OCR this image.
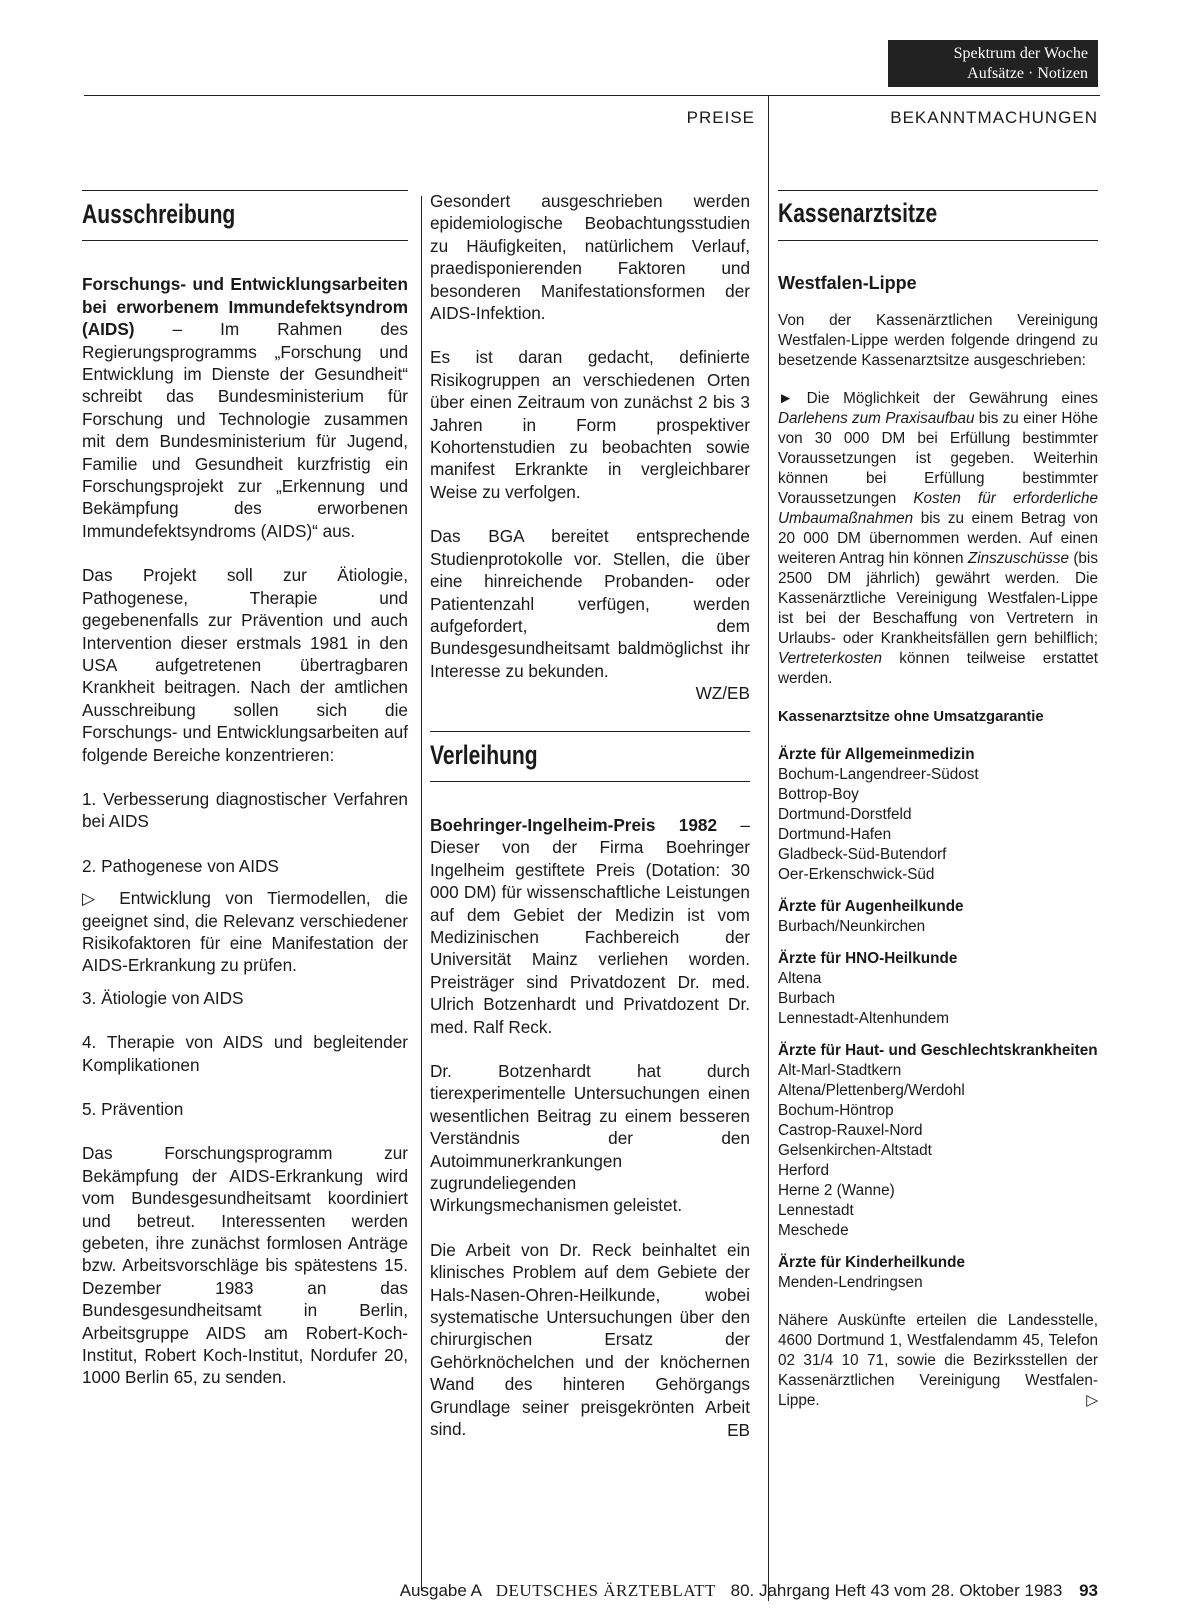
Spektrum der Woche
Aufsätze · Notizen
PREISE	BEKANNTMACHUNGEN
Ausschreibung

Forschungs- und Entwicklungsarbeiten bei erworbenem Immundefektsyndrom (AIDS) – Im Rahmen des Regierungsprogramms „Forschung und Entwicklung im Dienste der Gesundheit“ schreibt das Bundesministerium für Forschung und Technologie zusammen mit dem Bundesministerium für Jugend, Familie und Gesundheit kurzfristig ein Forschungsprojekt zur „Erkennung und Bekämpfung des erworbenen Immundefektsyndroms (AIDS)“ aus.

Das Projekt soll zur Ätiologie, Pathogenese, Therapie und gegebenenfalls zur Prävention und auch Intervention dieser erstmals 1981 in den USA aufgetretenen übertragbaren Krankheit beitragen. Nach der amtlichen Ausschreibung sollen sich die Forschungs- und Entwicklungsarbeiten auf folgende Bereiche konzentrieren:

1. Verbesserung diagnostischer Verfahren bei AIDS

2. Pathogenese von AIDS

▷ Entwicklung von Tiermodellen, die geeignet sind, die Relevanz verschiedener Risikofaktoren für eine Manifestation der AIDS-Erkrankung zu prüfen.

3. Ätiologie von AIDS

4. Therapie von AIDS und begleitender Komplikationen

5. Prävention

Das Forschungsprogramm zur Bekämpfung der AIDS-Erkrankung wird vom Bundesgesundheitsamt koordiniert und betreut. Interessenten werden gebeten, ihre zunächst formlosen Anträge bzw. Arbeitsvorschläge bis spätestens 15. Dezember 1983 an das Bundesgesundheitsamt in Berlin, Arbeitsgruppe AIDS am Robert-Koch-Institut, Robert Koch-Institut, Nordufer 20, 1000 Berlin 65, zu senden.

Gesondert ausgeschrieben werden epidemiologische Beobachtungsstudien zu Häufigkeiten, natürlichem Verlauf, praedisponierenden Faktoren und besonderen Manifestationsformen der AIDS-Infektion.

Es ist daran gedacht, definierte Risikogruppen an verschiedenen Orten über einen Zeitraum von zunächst 2 bis 3 Jahren in Form prospektiver Kohortenstudien zu beobachten sowie manifest Erkrankte in vergleichbarer Weise zu verfolgen.

Das BGA bereitet entsprechende Studienprotokolle vor. Stellen, die über eine hinreichende Probanden- oder Patientenzahl verfügen, werden aufgefordert, dem Bundesgesundheitsamt baldmöglichst ihr Interesse zu bekunden.

WZ/EB
Verleihung

Boehringer-Ingelheim-Preis 1982 – Dieser von der Firma Boehringer Ingelheim gestiftete Preis (Dotation: 30 000 DM) für wissenschaftliche Leistungen auf dem Gebiet der Medizin ist vom Medizinischen Fachbereich der Universität Mainz verliehen worden. Preisträger sind Privatdozent Dr. med. Ulrich Botzenhardt und Privatdozent Dr. med. Ralf Reck.

Dr. Botzenhardt hat durch tierexperimentelle Untersuchungen einen wesentlichen Beitrag zu einem besseren Verständnis der den Autoimmunerkrankungen zugrundeliegenden Wirkungsmechanismen geleistet.

Die Arbeit von Dr. Reck beinhaltet ein klinisches Problem auf dem Gebiete der Hals-Nasen-Ohren-Heilkunde, wobei systematische Untersuchungen über den chirurgischen Ersatz der Gehörknöchelchen und der knöchernen Wand des hinteren Gehörgangs Grundlage seiner preisgekrönten Arbeit sind.	EB
Kassenarztsitze
Westfalen-Lippe

Von der Kassenärztlichen Vereinigung Westfalen-Lippe werden folgende dringend zu besetzende Kassenarztsitze ausgeschrieben:

► Die Möglichkeit der Gewährung eines Darlehens zum Praxisaufbau bis zu einer Höhe von 30 000 DM bei Erfüllung bestimmter Voraussetzungen ist gegeben. Weiterhin können bei Erfüllung bestimmter Voraussetzungen Kosten für erforderliche Umbaumaßnahmen bis zu einem Betrag von 20 000 DM übernommen werden. Auf einen weiteren Antrag hin können Zinszuschüsse (bis 2500 DM jährlich) gewährt werden. Die Kassenärztliche Vereinigung Westfalen-Lippe ist bei der Beschaffung von Vertretern in Urlaubs- oder Krankheitsfällen gern behilflich; Vertreterkosten können teilweise erstattet werden.

Kassenarztsitze ohne Umsatzgarantie
Ärzte für Allgemeinmedizin
Bochum-Langendreer-Südost
Bottrop-Boy
Dortmund-Dorstfeld
Dortmund-Hafen
Gladbeck-Süd-Butendorf
Oer-Erkenschwick-Süd
Ärzte für Augenheilkunde
Burbach/Neunkirchen
Ärzte für HNO-Heilkunde
Altena
Burbach
Lennestadt-Altenhundem
Ärzte für Haut- und Geschlechtskrankheiten
Alt-Marl-Stadtkern
Altena/Plettenberg/Werdohl
Bochum-Höntrop
Castrop-Rauxel-Nord
Gelsenkirchen-Altstadt
Herford
Herne 2 (Wanne)
Lennestadt
Meschede
Ärzte für Kinderheilkunde
Menden-Lendringsen

Nähere Auskünfte erteilen die Landesstelle, 4600 Dortmund 1, Westfalendamm 45, Telefon 02 31/4 10 71, sowie die Bezirksstellen der Kassenärztlichen Vereinigung Westfalen-Lippe.	▷

Ausgabe A DEUTSCHES ÄRZTEBLATT 80. Jahrgang Heft 43 vom 28. Oktober 1983 93
